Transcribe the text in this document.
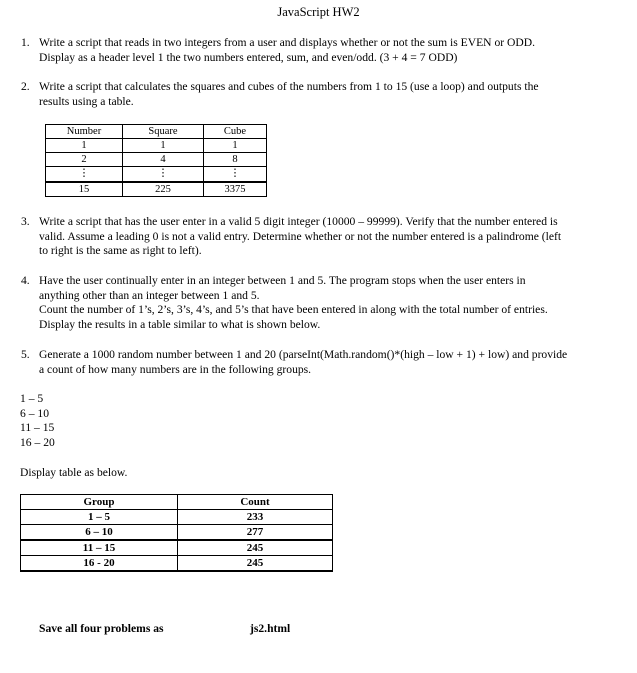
JavaScript HW2
1. Write a script that reads in two integers from a user and displays whether or not the sum is EVEN or ODD.
Display as a header level 1 the two numbers entered, sum, and even/odd. (3 + 4 = 7 ODD)
2. Write a script that calculates the squares and cubes of the numbers from 1 to 15 (use a loop) and outputs the
results using a table.
Number	Square	Cube
1	1	1
2	4	8
⋮	⋮	⋮
15	225	3375
3. Write a script that has the user enter in a valid 5 digit integer (10000 – 99999). Verify that the number entered is
valid. Assume a leading 0 is not a valid entry. Determine whether or not the number entered is a palindrome (left
to right is the same as right to left).
4. Have the user continually enter in an integer between 1 and 5. The program stops when the user enters in
anything other than an integer between 1 and 5.
Count the number of 1’s, 2’s, 3’s, 4’s, and 5’s that have been entered in along with the total number of entries.
Display the results in a table similar to what is shown below.
5. Generate a 1000 random number between 1 and 20 (parseInt(Math.random()*(high – low + 1) + low) and provide
a count of how many numbers are in the following groups.
1 – 5
6 – 10
11 – 15
16 – 20
Display table as below.
Group	Count
1 – 5	233
6 – 10	277
11 – 15	245
16 - 20	245
Save all four problems as	js2.html
